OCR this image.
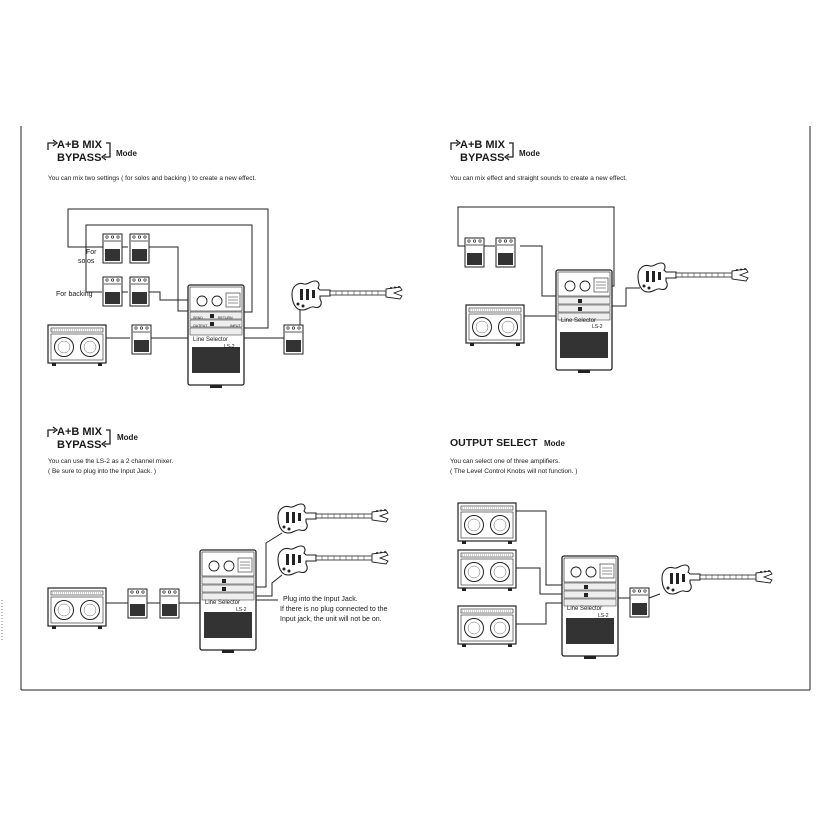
A+B MIX
BYPASS Mode
You can mix two settings ( for solos and backing ) to create a new effect.
Line Selector
LS-2
For
solos
For backing
SEND	RETURN
OUTPUT	INPUT
A+B MIX
BYPASS Mode
You can mix effect and straight sounds to create a new effect.
Line Selector
LS-2
A+B MIX
BYPASS
Mode
You can use the LS-2 as a 2 channel mixer.
( Be sure to plug into the Input Jack. )
Line Selector
LS-2
Plug into the Input Jack.
If there is no plug connected to the
Input jack, the unit will not be on.
OUTPUT SELECT Mode
You can select one of three amplifiers.
( The Level Control Knobs will not function. )
Line Selector
LS-2
